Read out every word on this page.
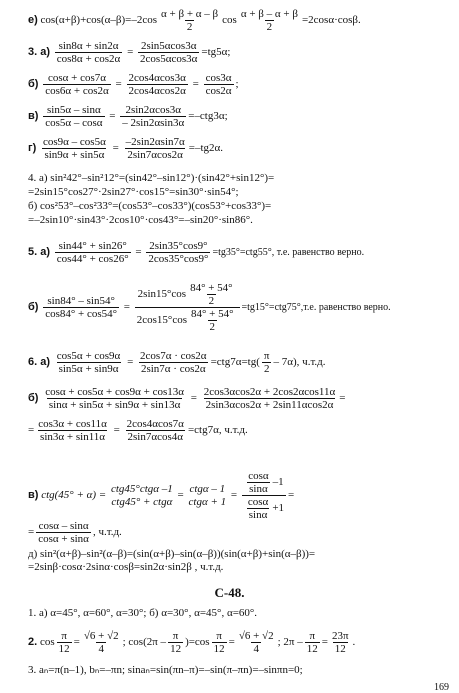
е) $\cos(\alpha+\beta)+\cos(\alpha-\beta)=-2\cos \frac{\alpha + \beta + \alpha - \beta}{2}$ $\cos \frac{\alpha + \beta - \alpha + \beta}{2} =2\cos\alpha\cdot\cos\beta$.
3. $а) \frac{\sin 8\alpha + \sin 2\alpha}{\cos 8\alpha + \cos 2\alpha} = \frac{2\sin 5\alpha\cos 3\alpha}{2\cos 5\alpha\cos 3\alpha} =tg5\alpha$;
$б) \frac{\cos\alpha + \cos 7\alpha}{\cos 6\alpha + \cos 2\alpha} = \frac{2\cos 4\alpha\cos 3\alpha}{2\cos 4\alpha\cos 2\alpha} = \frac{\cos 3\alpha}{\cos 2\alpha}$ ;
$в) \frac{\sin 5\alpha - \sin\alpha}{\cos 5\alpha - \cos\alpha} = \frac{2\sin 2\alpha\cos 3\alpha}{- 2\sin 2\alpha\sin 3\alpha} =-ctg3\alpha$;
$г) \frac{\cos 9\alpha - \cos 5\alpha}{\sin 9\alpha + \sin 5\alpha} = \frac{-2\sin 2\alpha\sin 7\alpha}{2\sin 7\alpha\cos 2\alpha} =-tg2\alpha$.
4. а) sin²42°–sin²12°=(sin42°–sin12°)·(sin42°+sin12°)=
=2sin15°cos27°·2sin27°·cos15°=sin30°·sin54°;
б) cos²53°–cos²33°=(cos53°–cos33°)(cos53°+cos33°)=
=–2sin10°·sin43°·2cos10°·cos43°=–sin20°·sin86°.
5. $а) \frac{\sin 44^\circ + \sin 26^\circ}{\cos 44^\circ + \cos 26^\circ} = \frac{2\sin 35^\circ\cos 9^\circ}{2\cos 35^\circ\cos 9^\circ} =tg35^\circ=ctg55^\circ$, т.е. равенство верно.
$б) \frac{\sin 84^\circ - \sin 54^\circ}{\cos 84^\circ + \cos 54^\circ} = \frac{2\sin 15^\circ\cos \frac{84^\circ + 54^\circ}{2}}{2\cos 15^\circ\cos \frac{84^\circ + 54^\circ}{2}} =tg15^\circ=ctg75^\circ,т.е$. равенство верно.
6. $а) \frac{\cos 5\alpha + \cos 9\alpha}{\sin 5\alpha + \sin 9\alpha} = \frac{2\cos 7\alpha \cdot \cos 2\alpha}{2\sin 7\alpha \cdot \cos 2\alpha} =ctg7\alpha=tg( \frac{\pi}{2} - 7\alpha)$, ч.т.д.
$б) \frac{\cos\alpha + \cos 5\alpha + \cos 9\alpha + \cos 13\alpha}{\sin\alpha + \sin 5\alpha + \sin 9\alpha + \sin 13\alpha} = \frac{2\cos 3\alpha\cos 2\alpha + 2\cos 2\alpha\cos 11\alpha}{2\sin 3\alpha\cos 2\alpha + 2\sin 11\alpha\cos 2\alpha}$ =
= $\frac{\cos 3\alpha + \cos 11\alpha}{\sin 3\alpha + \sin 11\alpha} = \frac{2\cos 4\alpha\cos 7\alpha}{2\sin 7\alpha\cos 4\alpha} =ctg7\alpha$, ч.т.д.
в) ctg(45° + α) =
ctg45°ctgα –1
ctg45° + ctgα
=
ctgα – 1
ctgα + 1
= $\frac{\frac{\cos\alpha}{\sin\alpha} -1}{\frac{\cos\alpha}{\sin\alpha} +1}$ =
= $\frac{\cos\alpha - \sin\alpha}{\cos\alpha + \sin\alpha}$ , ч.т.д.
д) sin²(α+β)–sin²(α–β)=(sin(α+β)–sin(α–β))(sin(α+β)+sin(α–β))=
=2sinβ·cosα·2sinα·cosβ=sin2α·sin2β , ч.т.д.
С-48.
1. а) α=45°, α=60°, α=30°; б) α=30°, α=45°, α=60°.
2. $\cos \frac{\pi}{12} = \frac{√6 + √2}{4}$ ; $\cos(2\pi - \frac{\pi}{12} )=\cos \frac{\pi}{12} = \frac{√6 + √2}{4}$ ; $2\pi - \frac{\pi}{12} = \frac{23\pi}{12}$ .
3. aₙ=π(n–1), bₙ=–πn; sinaₙ=sin(πn–π)=–sin(π–πn)=–sinπn=0;
169
